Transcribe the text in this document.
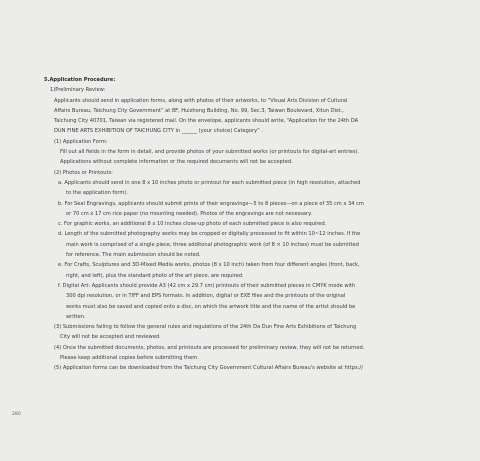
5.Application Procedure:

1)Preliminary Review:

Applicants should send in application forms, along with photos of their artworks, to “Visual Arts Division of Cultural

Affairs Bureau, Taichung City Government” at 8F, Huizhong Building, No. 99, Sec.3, Taiwan Boulevard, Xitun Dist.,

Taichung City 40701, Taiwan via registered mail. On the envelope, applicants should write, “Application for the 24th DA

DUN FINE ARTS EXHIBITION OF TAICHUNG CITY in ______ (your choice) Category” .

(1) Application Form:

Fill out all fields in the form in detail, and provide photos of your submitted works (or printouts for digital-art entries).

Applications without complete information or the required documents will not be accepted.

(2) Photos or Printouts:

a. Applicants should send in one 8 x 10 inches photo or printout for each submitted piece (in high resolution, attached

to the application form).

b. For Seal Engravings, applicants should submit prints of their engravings—5 to 8 pieces—on a piece of 35 cm x 34 cm

or 70 cm x 17 cm rice paper (no mounting needed). Photos of the engravings are not necessary.

c. For graphic works, an additional 8 x 10 inches close-up photo of each submitted piece is also required.

d. Length of the submitted photography works may be cropped or digitally processed to fit within 10~12 inches. If the

main work is comprised of a single piece, three additonal photographic work (of 8 × 10 inches) must be submitted

for reference. The main submission should be noted.

e. For Crafts, Sculptures and 3D-Mixed Media works, photos (8 x 10 inch) taken from four different angles (front, back,

right, and left), plus the standard photo of the art piece, are required.

f. Digital Art: Applicants should provide A3 (42 cm x 29.7 cm) printouts of their submitted pieces in CMYK mode with

300 dpi resolution, or in TIFF and EPS formats. In addition, digital or EXE files and the printouts of the original

works must also be saved and copied onto a disc, on which the artwork title and the name of the artist should be

written.

(3) Submissions failing to follow the general rules and regulations of the 24th Da Dun Fine Arts Exhibitions of Taichung

City will not be accepted and reviewed.

(4) Once the submitted documents, photos, and printouts are processed for preliminary review, they will not be returned.

Please keep additional copies before submitting them.

(5) Application forms can be downloaded from the Taichung City Government Cultural Affairs Bureau's website at https://

280
